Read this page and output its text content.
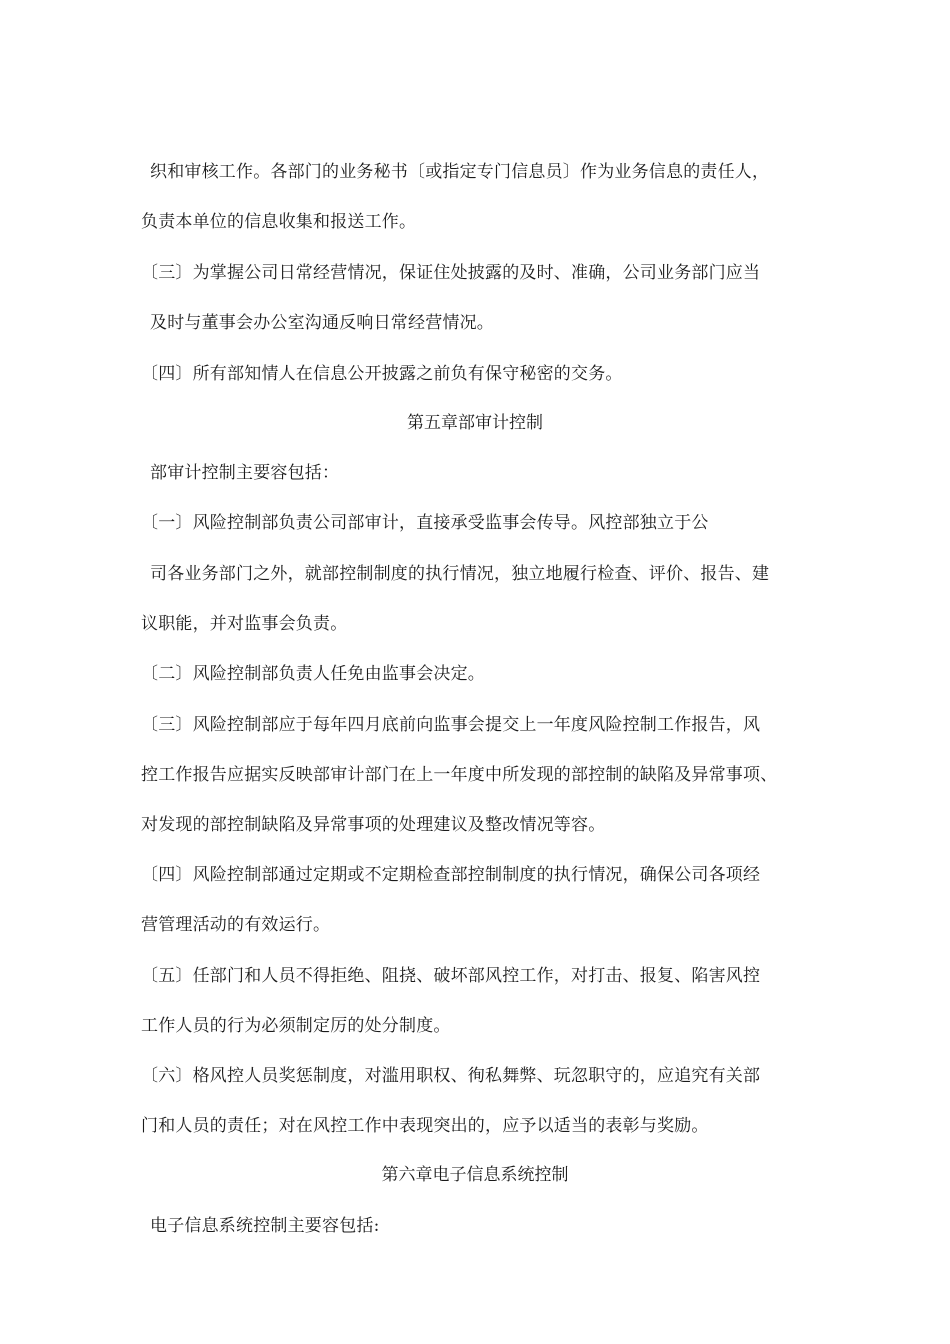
织和审核工作。各部门的业务秘书〔或指定专门信息员〕作为业务信息的责任人，
负责本单位的信息收集和报送工作。
〔三〕为掌握公司日常经营情况，保证住处披露的及时、准确，公司业务部门应当
及时与董事会办公室沟通反响日常经营情况。
〔四〕所有部知情人在信息公开披露之前负有保守秘密的交务。
第五章部审计控制
部审计控制主要容包括：
〔一〕风险控制部负责公司部审计，直接承受监事会传导。风控部独立于公
司各业务部门之外，就部控制制度的执行情况，独立地履行检查、评价、报告、建
议职能，并对监事会负责。
〔二〕风险控制部负责人任免由监事会决定。
〔三〕风险控制部应于每年四月底前向监事会提交上一年度风险控制工作报告，风
控工作报告应据实反映部审计部门在上一年度中所发现的部控制的缺陷及异常事项、
对发现的部控制缺陷及异常事项的处理建议及整改情况等容。
〔四〕风险控制部通过定期或不定期检查部控制制度的执行情况，确保公司各项经
营管理活动的有效运行。
〔五〕任部门和人员不得拒绝、阻挠、破坏部风控工作，对打击、报复、陷害风控
工作人员的行为必须制定厉的处分制度。
〔六〕格风控人员奖惩制度，对滥用职权、徇私舞弊、玩忽职守的，应追究有关部
门和人员的责任；对在风控工作中表现突出的，应予以适当的表彰与奖励。
第六章电子信息系统控制
电子信息系统控制主要容包括:
